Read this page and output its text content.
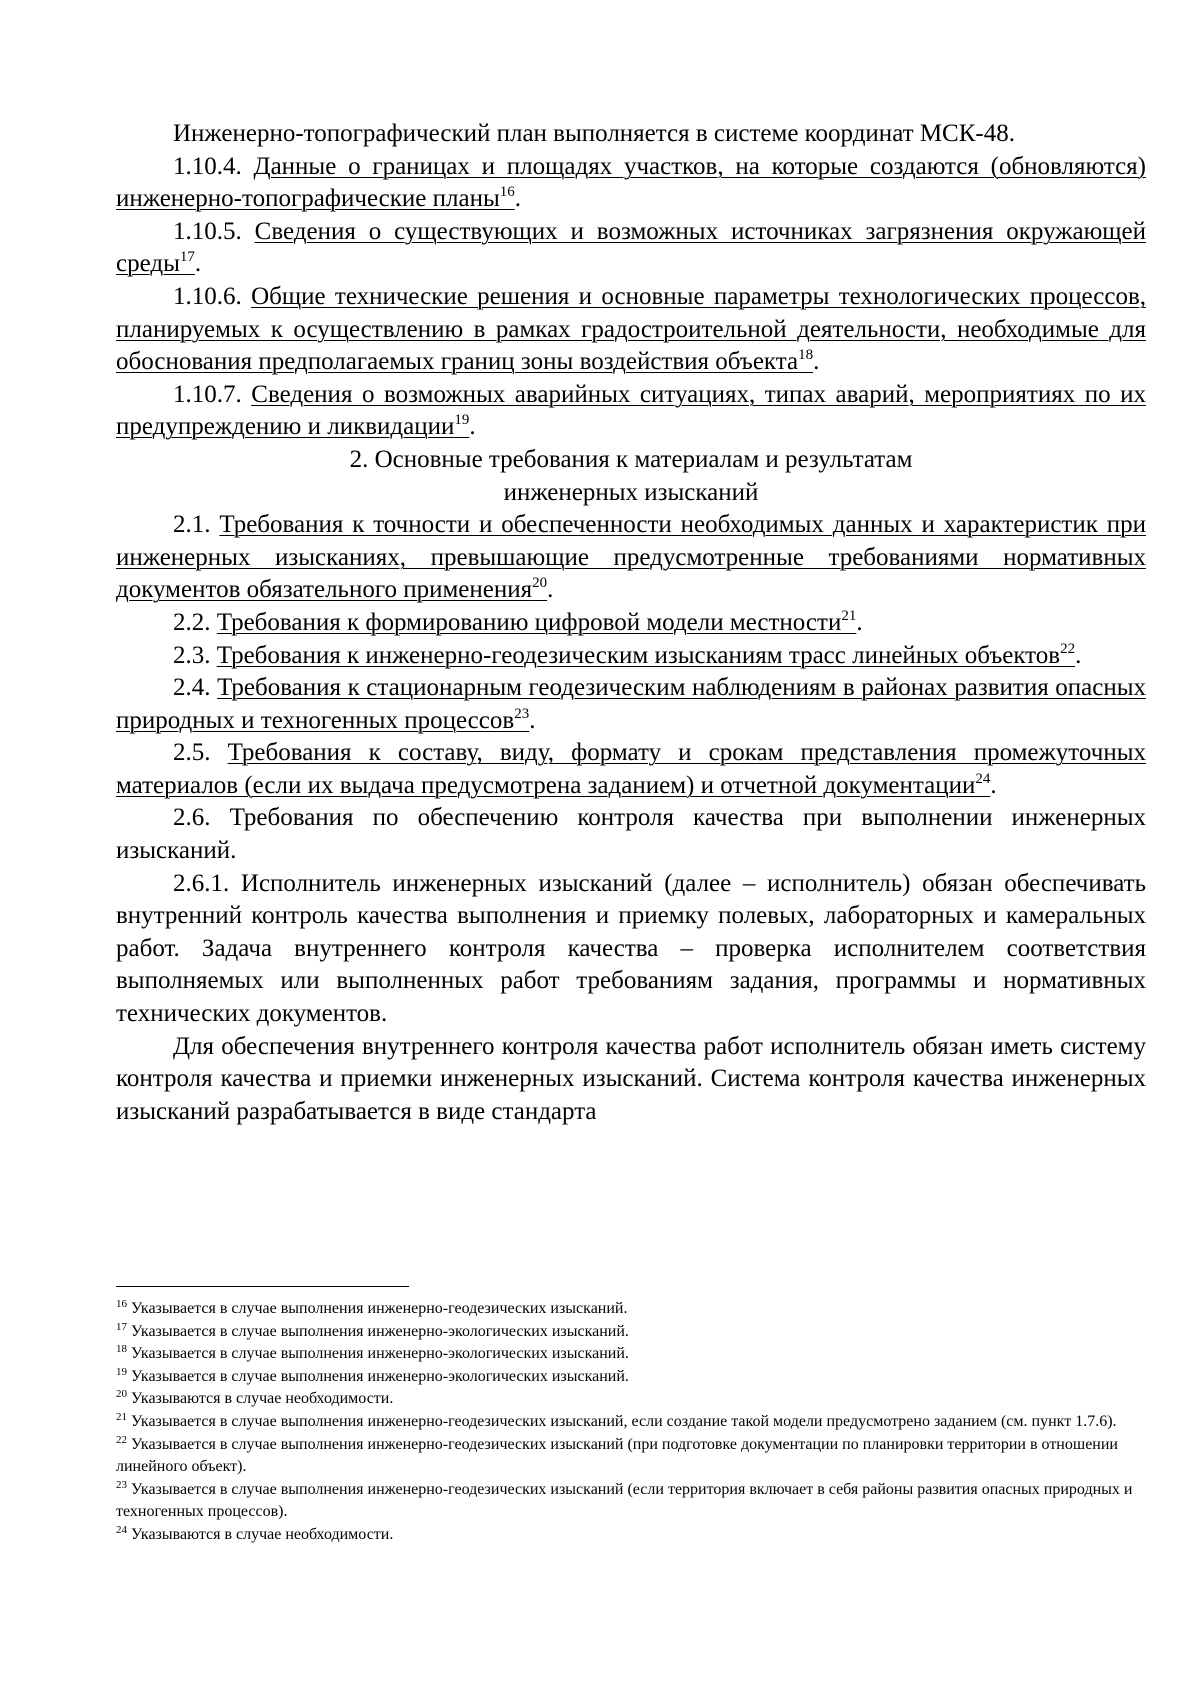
Инженерно-топографический план выполняется в системе координат МСК-48.

1.10.4. Данные о границах и площадях участков, на которые создаются (обновляются) инженерно-топографические планы$^{16}$.

1.10.5. Сведения о существующих и возможных источниках загрязнения окружающей среды$^{17}$.

1.10.6. Общие технические решения и основные параметры технологических процессов, планируемых к осуществлению в рамках градостроительной деятельности, необходимые для обоснования предполагаемых границ зоны воздействия объекта$^{18}$.

1.10.7. Сведения о возможных аварийных ситуациях, типах аварий, мероприятиях по их предупреждению и ликвидации$^{19}$.

2. Основные требования к материалам и результатам

инженерных изысканий

2.1. Требования к точности и обеспеченности необходимых данных и характеристик при инженерных изысканиях, превышающие предусмотренные требованиями нормативных документов обязательного применения$^{20}$.

2.2. Требования к формированию цифровой модели местности$^{21}$.

2.3. Требования к инженерно-геодезическим изысканиям трасс линейных объектов$^{22}$.

2.4. Требования к стационарным геодезическим наблюдениям в районах развития опасных природных и техногенных процессов$^{23}$.

2.5. Требования к составу, виду, формату и срокам представления промежуточных материалов (если их выдача предусмотрена заданием) и отчетной документации$^{24}$.

2.6. Требования по обеспечению контроля качества при выполнении инженерных изысканий.

2.6.1. Исполнитель инженерных изысканий (далее – исполнитель) обязан обеспечивать внутренний контроль качества выполнения и приемку полевых, лабораторных и камеральных работ. Задача внутреннего контроля качества – проверка исполнителем соответствия выполняемых или выполненных работ требованиям задания, программы и нормативных технических документов.

Для обеспечения внутреннего контроля качества работ исполнитель обязан иметь систему контроля качества и приемки инженерных изысканий. Система контроля качества инженерных изысканий разрабатывается в виде стандарта

$^{16}$ Указывается в случае выполнения инженерно-геодезических изысканий.

$^{17}$ Указывается в случае выполнения инженерно-экологических изысканий.

$^{18}$ Указывается в случае выполнения инженерно-экологических изысканий.

$^{19}$ Указывается в случае выполнения инженерно-экологических изысканий.

$^{20}$ Указываются в случае необходимости.

$^{21}$ Указывается в случае выполнения инженерно-геодезических изысканий, если создание такой модели предусмотрено заданием (см. пункт 1.7.6).

$^{22}$ Указывается в случае выполнения инженерно-геодезических изысканий (при подготовке документации по планировки территории в отношении линейного объект).

$^{23}$ Указывается в случае выполнения инженерно-геодезических изысканий (если территория включает в себя районы развития опасных природных и техногенных процессов).

$^{24}$ Указываются в случае необходимости.
